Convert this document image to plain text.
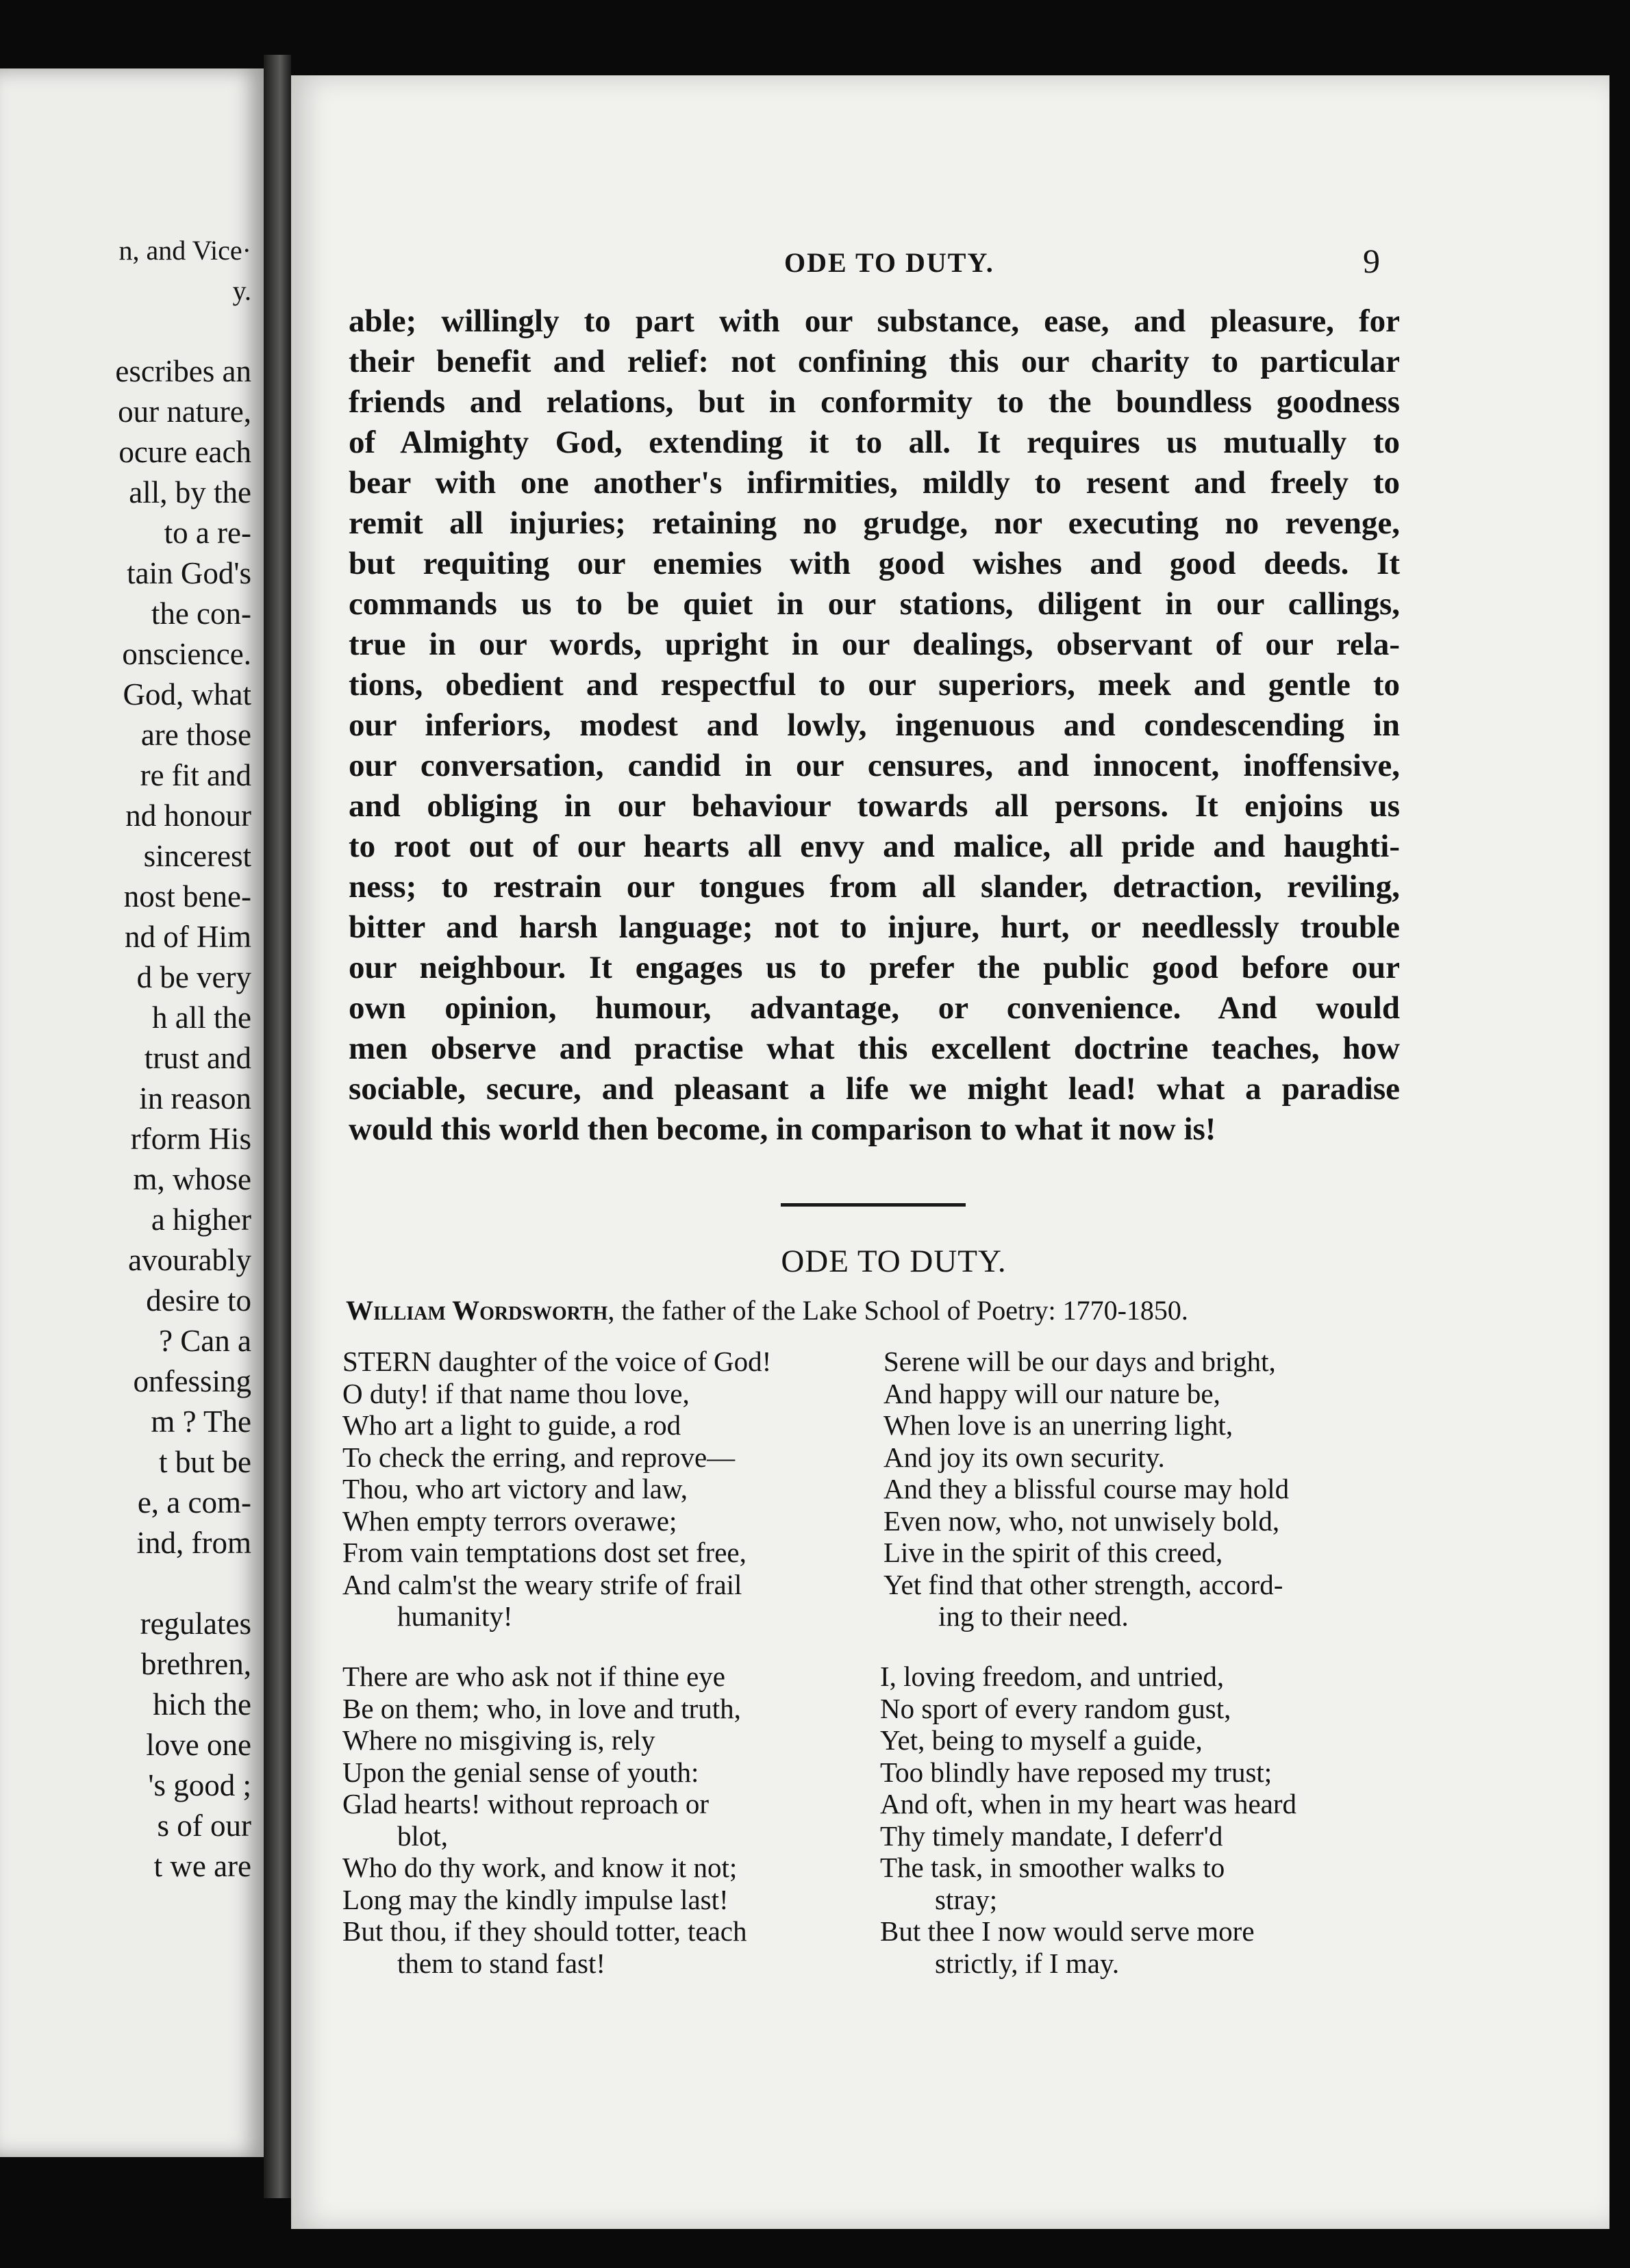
n, and Vice·
y.
escribes an
our nature,
ocure each
all, by the
to a re-
tain God's
the con-
onscience.
God, what
are those
re fit and
nd honour
sincerest
nost bene-
nd of Him
d be very
h all the
trust and
in reason
rform His
m, whose
a higher
avourably
desire to
? Can a
onfessing
m ? The
t but be
e, a com-
ind, from
regulates
brethren,
hich the
love one
's good ;
s of our
t we are
ODE TO DUTY.	9
able; willingly to part with our substance, ease, and pleasure, for
their benefit and relief: not confining this our charity to particular
friends and relations, but in conformity to the boundless goodness
of Almighty God, extending it to all. It requires us mutually to
bear with one another's infirmities, mildly to resent and freely to
remit all injuries; retaining no grudge, nor executing no revenge,
but requiting our enemies with good wishes and good deeds. It
commands us to be quiet in our stations, diligent in our callings,
true in our words, upright in our dealings, observant of our rela-
tions, obedient and respectful to our superiors, meek and gentle to
our inferiors, modest and lowly, ingenuous and condescending in
our conversation, candid in our censures, and innocent, inoffensive,
and obliging in our behaviour towards all persons. It enjoins us
to root out of our hearts all envy and malice, all pride and haughti-
ness; to restrain our tongues from all slander, detraction, reviling,
bitter and harsh language; not to injure, hurt, or needlessly trouble
our neighbour. It engages us to prefer the public good before our
own opinion, humour, advantage, or convenience. And would
men observe and practise what this excellent doctrine teaches, how
sociable, secure, and pleasant a life we might lead! what a paradise
would this world then become, in comparison to what it now is!
ODE TO DUTY.
William Wordsworth, the father of the Lake School of Poetry: 1770-1850.
STERN daughter of the voice of God!
O duty! if that name thou love,
Who art a light to guide, a rod
To check the erring, and reprove—
Thou, who art victory and law,
When empty terrors overawe;
From vain temptations dost set free,
And calm'st the weary strife of frail
humanity!
Serene will be our days and bright,
And happy will our nature be,
When love is an unerring light,
And joy its own security.
And they a blissful course may hold
Even now, who, not unwisely bold,
Live in the spirit of this creed,
Yet find that other strength, accord-
ing to their need.
There are who ask not if thine eye
Be on them; who, in love and truth,
Where no misgiving is, rely
Upon the genial sense of youth:
Glad hearts! without reproach or
blot,
Who do thy work, and know it not;
Long may the kindly impulse last!
But thou, if they should totter, teach
them to stand fast!
I, loving freedom, and untried,
No sport of every random gust,
Yet, being to myself a guide,
Too blindly have reposed my trust;
And oft, when in my heart was heard
Thy timely mandate, I deferr'd
The task, in smoother walks to
stray;
But thee I now would serve more
strictly, if I may.
